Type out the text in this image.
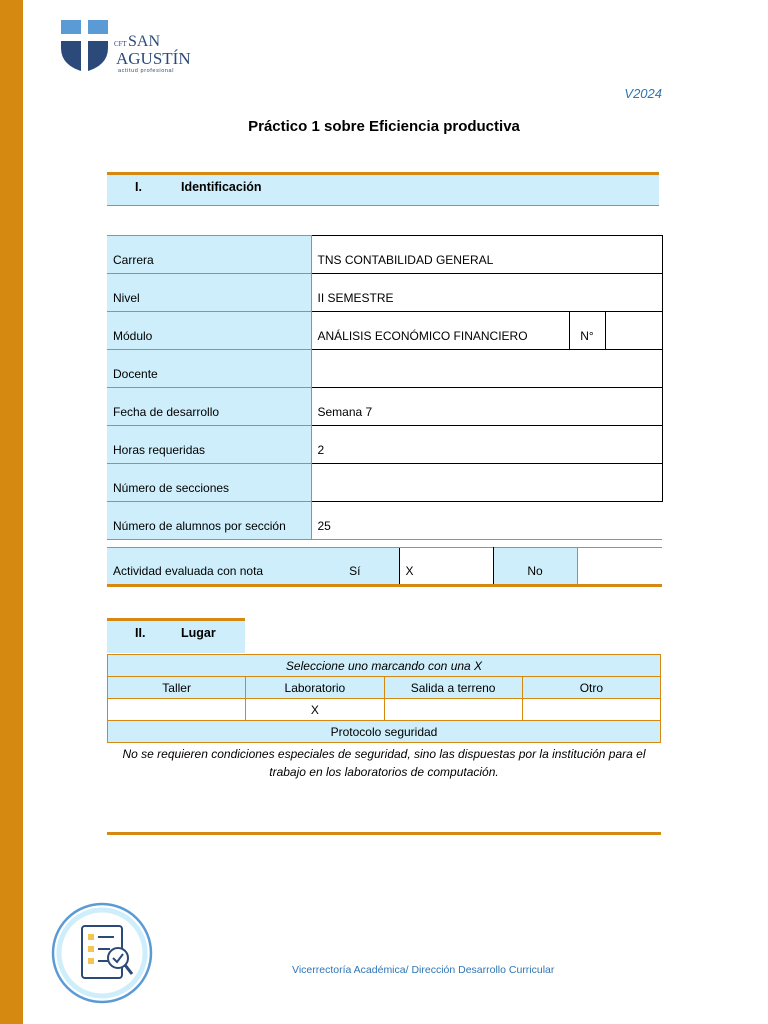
CFT SAN
AGUSTÍN
actitud profesional
V2024
Práctico 1 sobre Eficiencia productiva
I.	Identificación
Carrera	TNS CONTABILIDAD GENERAL		
Nivel	II SEMESTRE		
Módulo	ANÁLISIS ECONÓMICO FINANCIERO	N°	
Docente			
Fecha de desarrollo	Semana 7		
Horas requeridas	2		
Número de secciones			
Número de alumnos por sección	25		
Actividad evaluada con nota	Sí	X	No	
II.	Lugar
Seleccione uno marcando con una X			
Taller	Laboratorio	Salida a terreno	Otro
	X		
Protocolo seguridad			
No se requieren condiciones especiales de seguridad, sino las dispuestas por la institución para el trabajo en los laboratorios de computación.
Vicerrectoría Académica/ Dirección Desarrollo Curricular
